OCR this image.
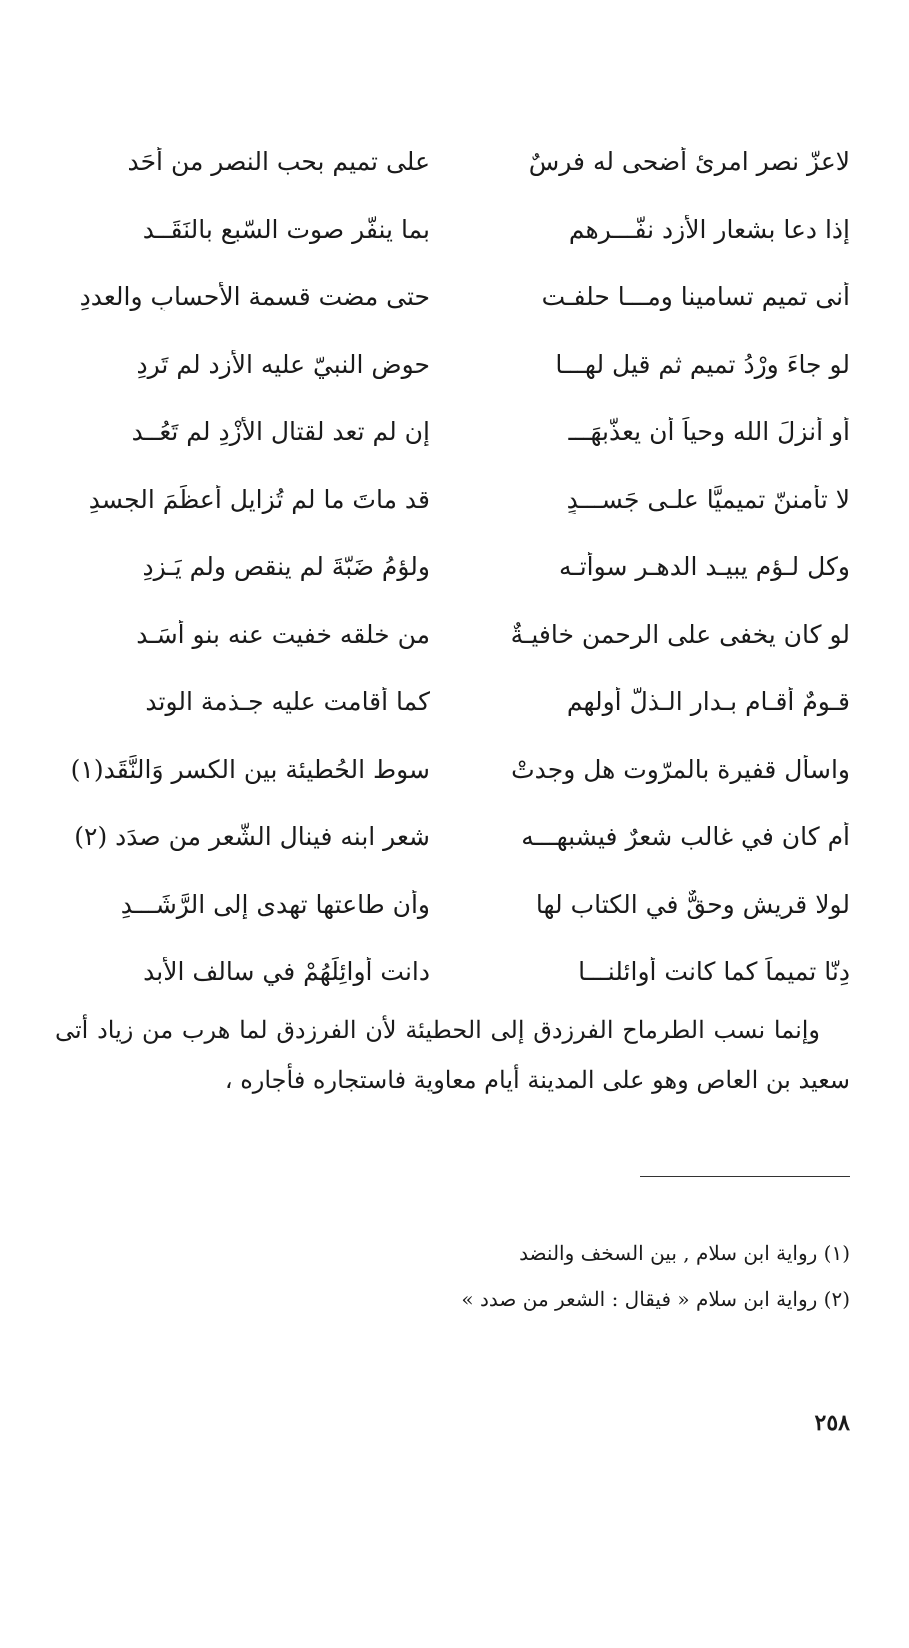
لاعزّ نصر امرئ أضحى له فرسٌ
على تميم بحب النصر من أحَد
إذا دعا بشعار الأزد نفّـــرهم
بما ينفّر صوت السّبع بالنَقَــد
أنى تميم تسامينا ومـــا حلفـت
حتى مضت قسمة الأحسابِ والعددِ
لو جاءَ وِرْدُ تميم ثم قيل لهـــا
حوض النبيّ عليه الأزد لم تَرِدِ
أو أنزلَ الله وحياً أن يعذّبهَـــ
إن لم تعد لقتالِ الأزْدِ لم تَعُــد
لا تأمننّ تميميًّا علـى جَســـدٍ
قد ماتَ ما لم تُزايل أعظَمَ الجسدِ
وكل لـؤم يبيـد الدهـر سوأتـه
ولؤمُ ضَبّةَ لم ينقص ولم يَـزِدِ
لو كان يخفى على الرحمن خافيـةٌ
من خلقه خفيت عنه بنو أسَـد
قـومٌ أقـام بـدار الـذلّ أولهم
كما أقامت عليه جـذمة الوتد
واسأل قفيرة بالمرّوت هل وجدتْ
سوط الحُطيئة بين الكسر وَالنَّقَد(١)
أم كان في غالب شعرٌ فيشبهـــه
شعر ابنه فينال الشّعر من صدَد (٢)
لولا قريش وحقٌّ في الكتاب لها
وأن طاعتها تهدى إلى الرَّشَـــدِ
دِنّا تميماً كما كانت أوائلنـــا
دانت أوائِلَهُمْ في سالف الأبد

وإنما نسب الطرماح الفرزدق إلى الحطيئة لأن الفرزدق لما هرب من زياد أتى سعيد بن العاص وهو على المدينة أيام معاوية فاستجاره فأجاره ،

(١) رواية ابن سلام , بين السخف والنضد
(٢) رواية ابن سلام « فيقال : الشعر من صدد »
٢٥٨
